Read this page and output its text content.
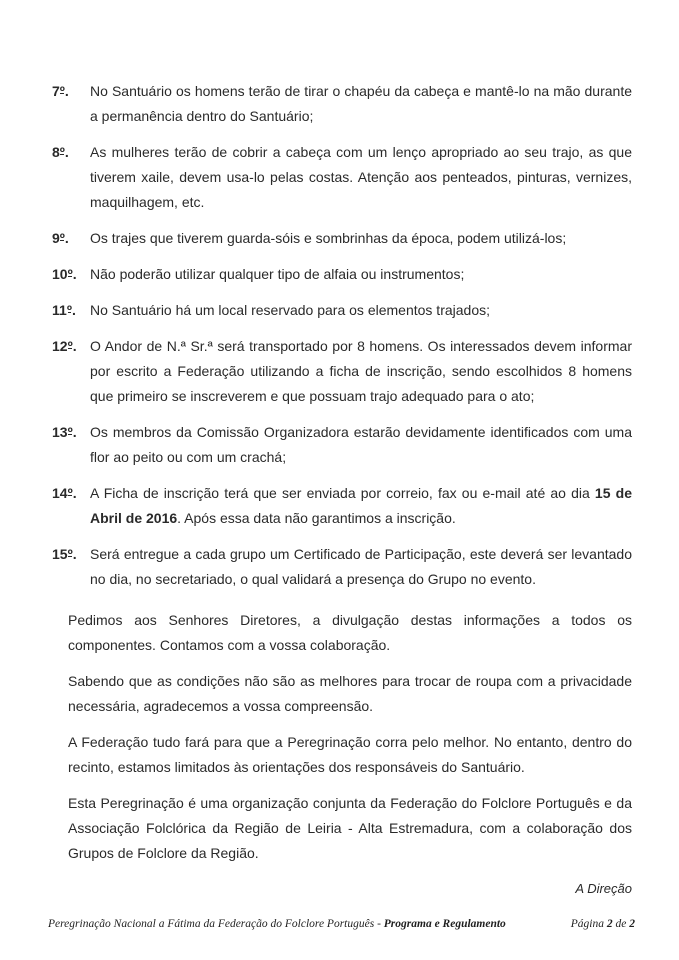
7º.	No Santuário os homens terão de tirar o chapéu da cabeça e mantê-lo na mão durante a permanência dentro do Santuário;
8º.	As mulheres terão de cobrir a cabeça com um lenço apropriado ao seu trajo, as que tiverem xaile, devem usa-lo pelas costas. Atenção aos penteados, pinturas, vernizes, maquilhagem, etc.
9º.	Os trajes que tiverem guarda-sóis e sombrinhas da época, podem utilizá-los;
10º. Não poderão utilizar qualquer tipo de alfaia ou instrumentos;
11º.	No Santuário há um local reservado para os elementos trajados;
12º. O Andor de N.ª Sr.ª será transportado por 8 homens. Os interessados devem informar por escrito a Federação utilizando a ficha de inscrição, sendo escolhidos 8 homens que primeiro se inscreverem e que possuam trajo adequado para o ato;
13º. Os membros da Comissão Organizadora estarão devidamente identificados com uma flor ao peito ou com um crachá;
14º. A Ficha de inscrição terá que ser enviada por correio, fax ou e-mail até ao dia 15 de Abril de 2016. Após essa data não garantimos a inscrição.
15º. Será entregue a cada grupo um Certificado de Participação, este deverá ser levantado no dia, no secretariado, o qual validará a presença do Grupo no evento.

Pedimos aos Senhores Diretores, a divulgação destas informações a todos os componentes. Contamos com a vossa colaboração.

Sabendo que as condições não são as melhores para trocar de roupa com a privacidade necessária, agradecemos a vossa compreensão.

A Federação tudo fará para que a Peregrinação corra pelo melhor. No entanto, dentro do recinto, estamos limitados às orientações dos responsáveis do Santuário.

Esta Peregrinação é uma organização conjunta da Federação do Folclore Português e da Associação Folclórica da Região de Leiria - Alta Estremadura, com a colaboração dos Grupos de Folclore da Região.

A Direção
Peregrinação Nacional a Fátima da Federação do Folclore Português - Programa e Regulamento	Página 2 de 2
